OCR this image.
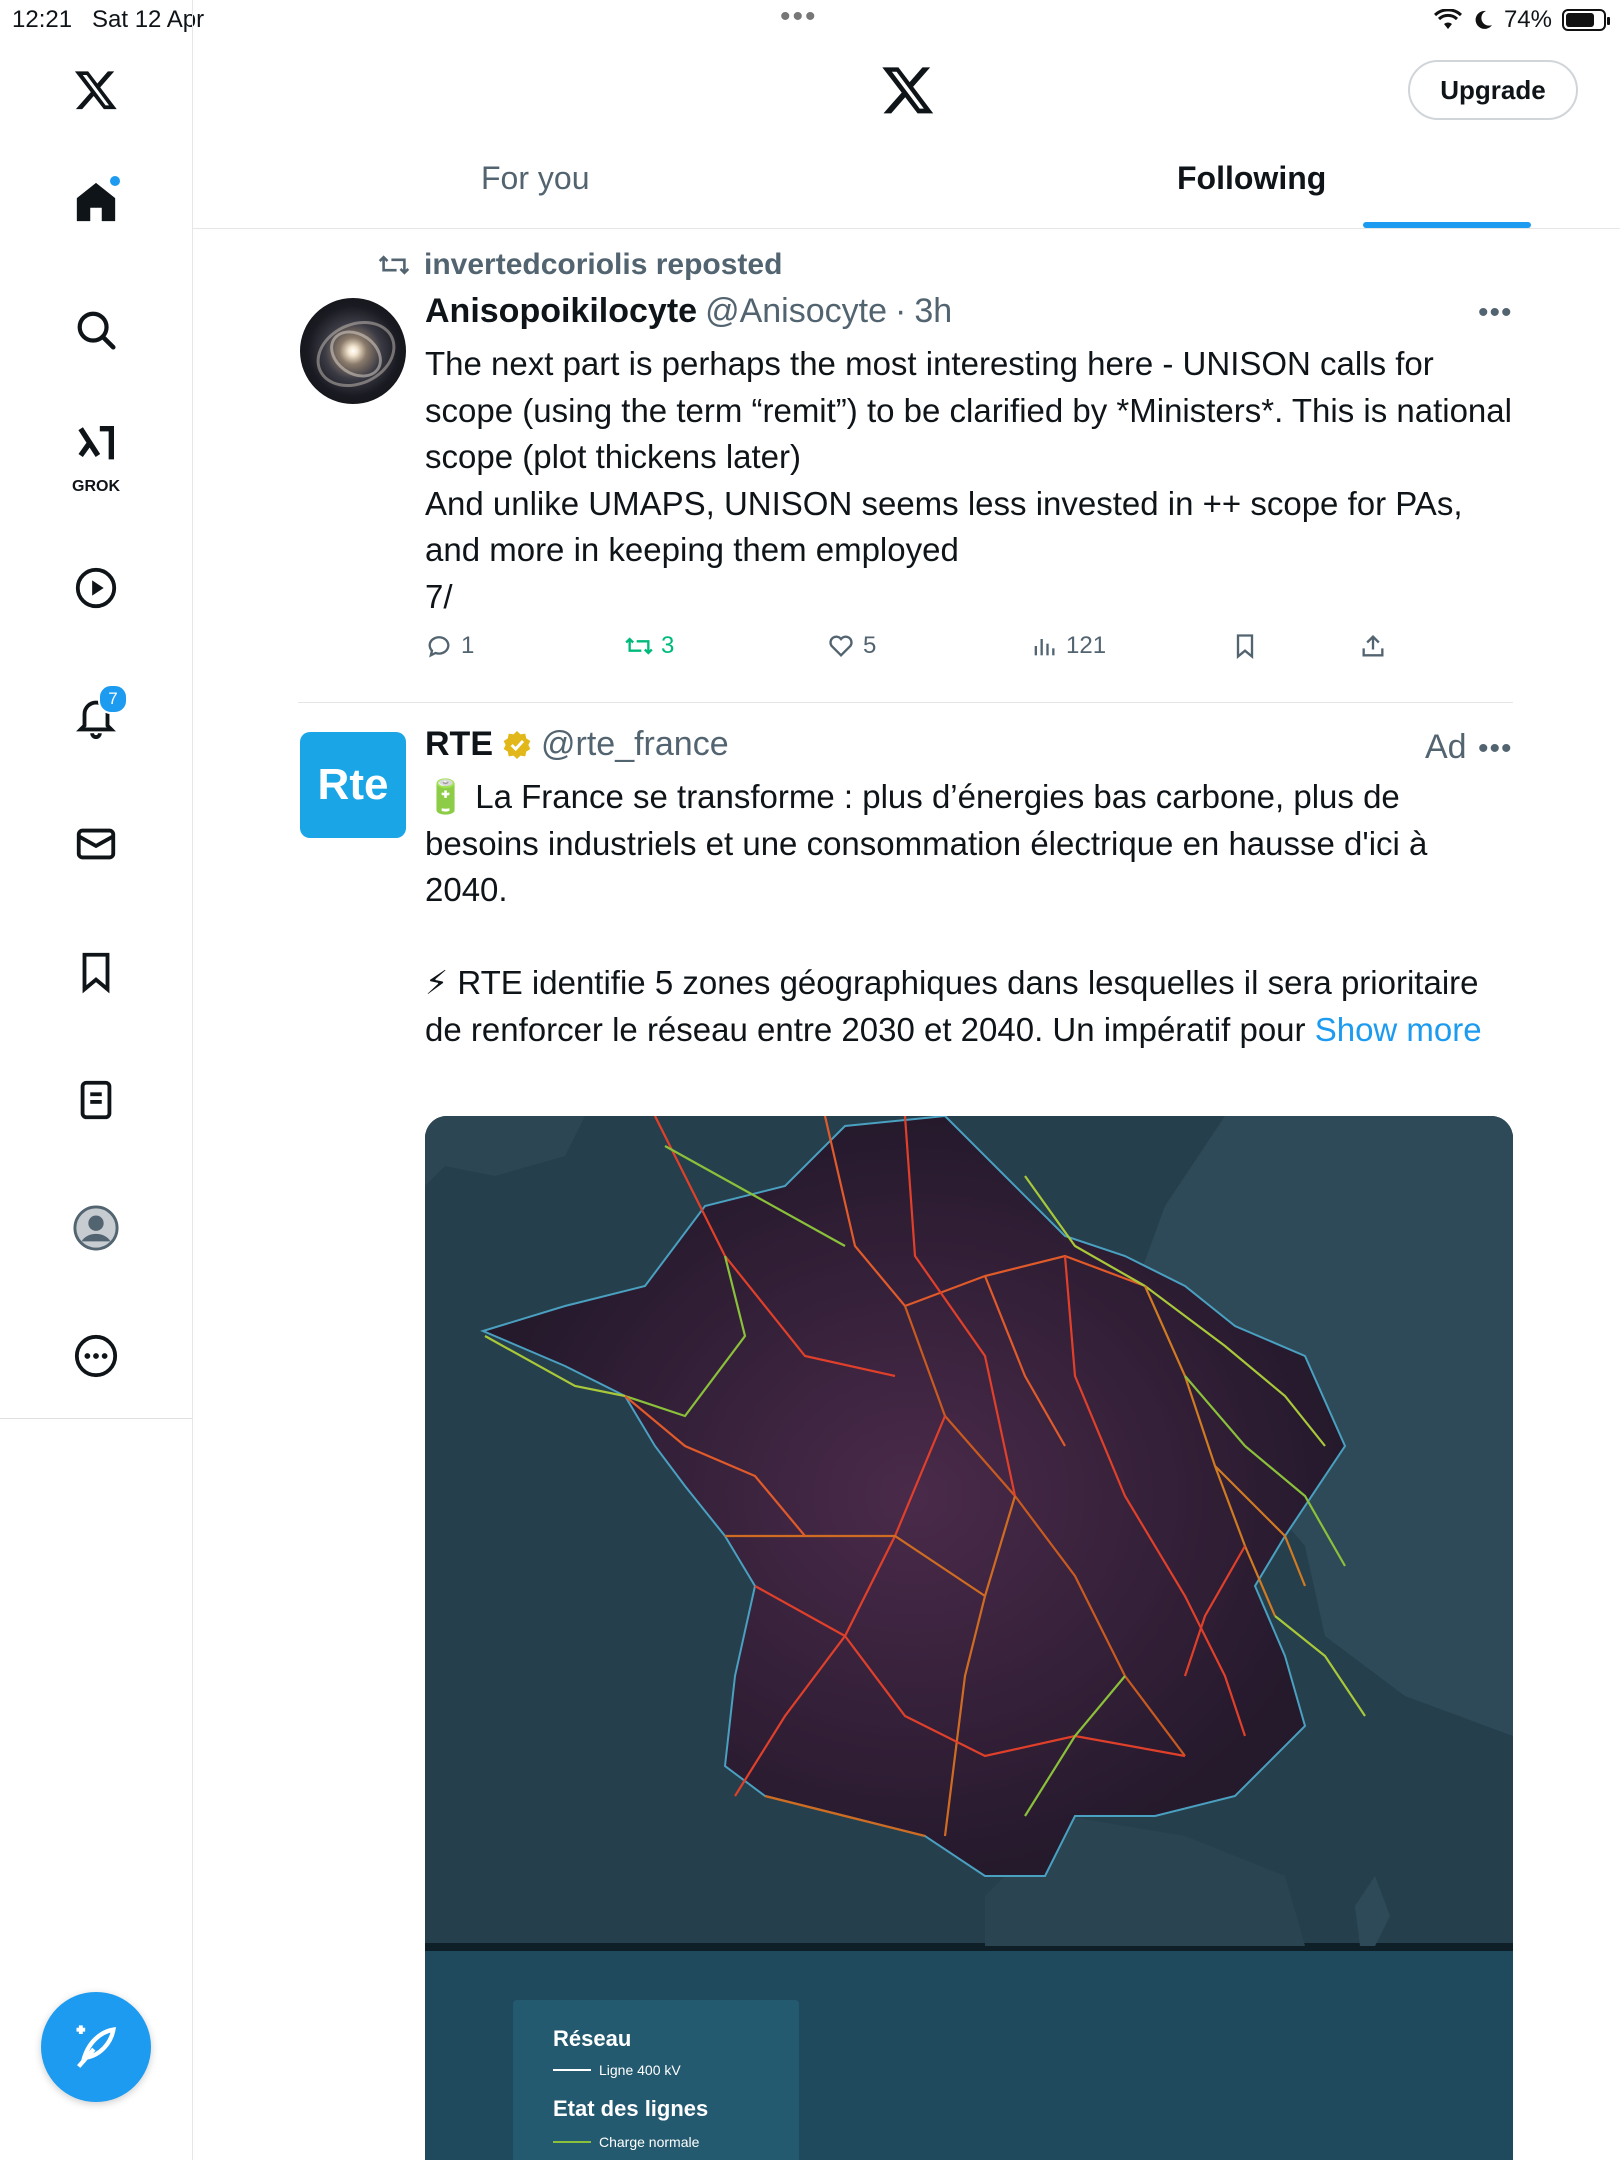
12:21 Sat 12 Apr	•••	74%
GROK
7
Upgrade
For you	Following
invertedcoriolis reposted
Anisopoikilocyte @Anisocyte · 3h	•••
The next part is perhaps the most interesting here - UNISON calls for scope (using the term “remit”) to be clarified by *Ministers*. This is national scope (plot thickens later)
And unlike UMAPS, UNISON seems less invested in ++ scope for PAs, and more in keeping them employed
7/
1	3	5	121
Rte
RTE @rte_france	Ad •••
🔋 La France se transforme : plus d’énergies bas carbone, plus de besoins industriels et une consommation électrique en hausse d'ici à 2040.

⚡ RTE identifie 5 zones géographiques dans lesquelles il sera prioritaire de renforcer le réseau entre 2030 et 2040. Un impératif pour Show more
Réseau
Ligne 400 kV
Etat des lignes
Charge normale
